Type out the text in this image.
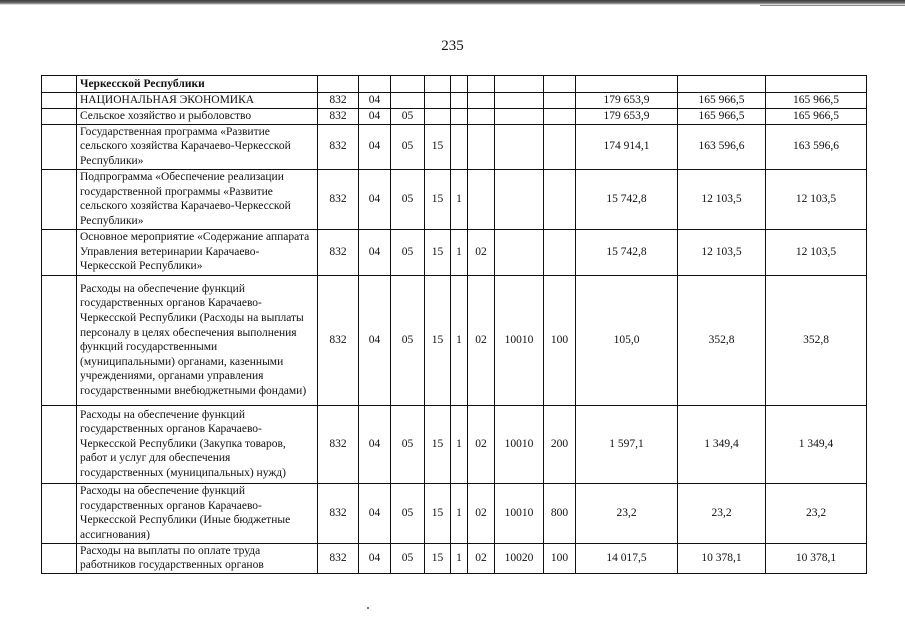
235
	Черкесской Республики											
	НАЦИОНАЛЬНАЯ ЭКОНОМИКА	832	04							179 653,9	165 966,5	165 966,5
	Сельское хозяйство и рыболовство	832	04	05						179 653,9	165 966,5	165 966,5
	Государственная программа «Развитие сельского хозяйства Карачаево-Черкесской Республики»	832	04	05	15					174 914,1	163 596,6	163 596,6
	Подпрограмма «Обеспечение реализации государственной программы «Развитие сельского хозяйства Карачаево-Черкесской Республики»	832	04	05	15	1				15 742,8	12 103,5	12 103,5
	Основное мероприятие «Содержание аппарата Управления ветеринарии Карачаево-Черкесской Республики»	832	04	05	15	1	02			15 742,8	12 103,5	12 103,5
	Расходы на обеспечение функций государственных органов Карачаево-Черкесской Республики (Расходы на выплаты персоналу в целях обеспечения выполнения функций государственными (муниципальными) органами, казенными учреждениями, органами управления государственными внебюджетными фондами)	832	04	05	15	1	02	10010	100	105,0	352,8	352,8
	Расходы на обеспечение функций государственных органов Карачаево-Черкесской Республики (Закупка товаров, работ и услуг для обеспечения государственных (муниципальных) нужд)	832	04	05	15	1	02	10010	200	1 597,1	1 349,4	1 349,4
	Расходы на обеспечение функций государственных органов Карачаево-Черкесской Республики (Иные бюджетные ассигнования)	832	04	05	15	1	02	10010	800	23,2	23,2	23,2
	Расходы на выплаты по оплате труда работников государственных органов	832	04	05	15	1	02	10020	100	14 017,5	10 378,1	10 378,1
